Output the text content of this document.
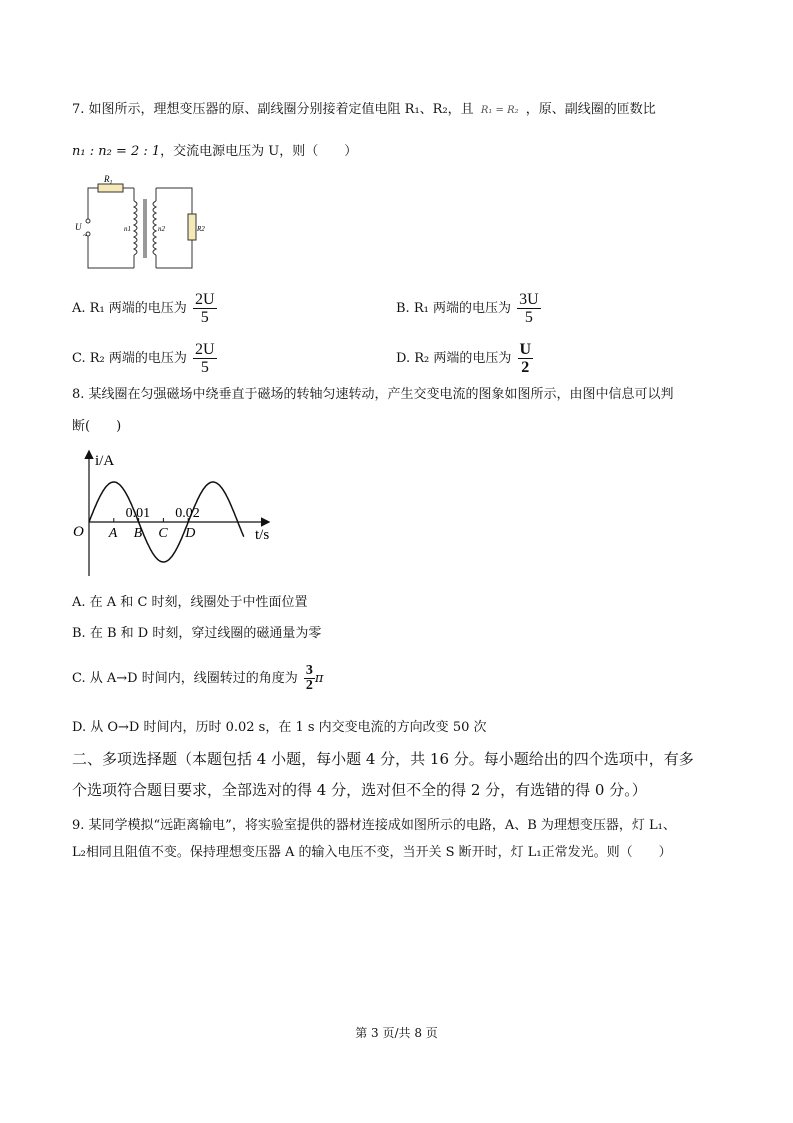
7. 如图所示，理想变压器的原、副线圈分别接着定值电阻 R₁、R₂，且 R₁ = R₂ ，原、副线圈的匝数比
n₁ : n₂ = 2 : 1，交流电源电压为 U，则（　　）
$R_1$
U
~
n1	n2	R2
A. R₁ 两端的电压为 $\frac{2U}{5}$	B. R₁ 两端的电压为 $\frac{3U}{5}$
C. R₂ 两端的电压为 $\frac{2U}{5}$	D. R₂ 两端的电压为 $\frac{U}{2}$
8. 某线圈在匀强磁场中绕垂直于磁场的转轴匀速转动，产生交变电流的图象如图所示，由图中信息可以判
断(　　)
i/A
t/s
O
0.01 0.02
A B C D
A. 在 A 和 C 时刻，线圈处于中性面位置
B. 在 B 和 D 时刻，穿过线圈的磁通量为零
C. 从 A→D 时间内，线圈转过的角度为 $\frac{3}{2}$ π
D. 从 O→D 时间内，历时 0.02 s，在 1 s 内交变电流的方向改变 50 次
二、多项选择题（本题包括 4 小题，每小题 4 分，共 16 分。每小题给出的四个选项中，有多
个选项符合题目要求，全部选对的得 4 分，选对但不全的得 2 分，有选错的得 0 分。）
9. 某同学模拟“远距离输电”，将实验室提供的器材连接成如图所示的电路，A、B 为理想变压器，灯 L₁、
L₂相同且阻值不变。保持理想变压器 A 的输入电压不变，当开关 S 断开时，灯 L₁正常发光。则（　　）
第 3 页/共 8 页
